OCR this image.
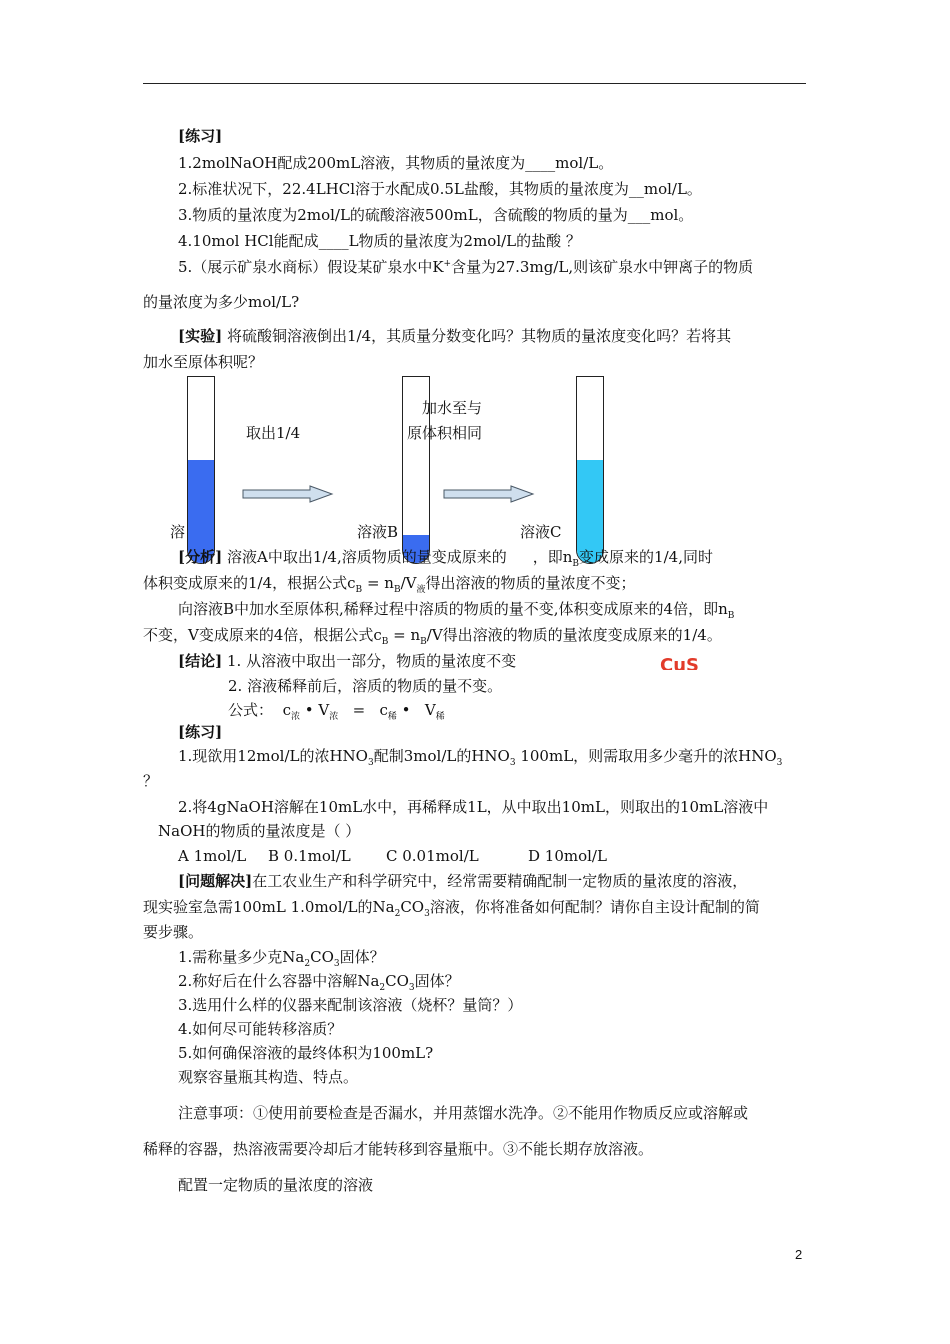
[练习]
1.2molNaOH配成200mL溶液，其物质的量浓度为____mol/L。
2.标准状况下，22.4LHCl溶于水配成0.5L盐酸，其物质的量浓度为__mol/L。
3.物质的量浓度为2mol/L的硫酸溶液500mL，含硫酸的物质的量为___mol。
4.10mol HCl能配成____L物质的量浓度为2mol/L的盐酸 ？
5.（展示矿泉水商标）假设某矿泉水中K+含量为27.3mg/L,则该矿泉水中钾离子的物质
的量浓度为多少mol/L?
[实验] 将硫酸铜溶液倒出1/4，其质量分数变化吗？其物质的量浓度变化吗？若将其
加水至原体积呢？
取出1/4
加水至与
原体积相同
溶	溶液B	溶液C
[分析] 溶液A中取出1/4,溶质物质的量变成原来的 ，即$n_B$变成原来的1/4,同时
体积变成原来的1/4，根据公式$c_B = n_B/V_液$得出溶液的物质的量浓度不变；
向溶液B中加水至原体积,稀释过程中溶质的物质的量不变,体积变成原来的4倍，即$n_B$
不变，V变成原来的4倍，根据公式$c_B = n_B/V$得出溶液的物质的量浓度变成原来的1/4。
[结论] 1. 从溶液中取出一部分，物质的量浓度不变	CuS
2. 溶液稀释前后，溶质的物质的量不变。
公式： $c_浓$ • $V_浓 = c_稀$ • $V_稀$
[练习]
1.现欲用12mol/L的浓$HNO_3$配制3mol/L的$HNO_3$ 100mL，则需取用多少毫升的浓$HNO_3$
？
2.将4gNaOH溶解在10mL水中，再稀释成1L，从中取出10mL，则取出的10mL溶液中
NaOH的物质的量浓度是（ ）
A 1mol/L B 0.1mol/L C 0.01mol/L	D 10mol/L
[问题解决]在工农业生产和科学研究中，经常需要精确配制一定物质的量浓度的溶液，
现实验室急需100mL 1.0mol/L的$Na_2CO_3$溶液，你将准备如何配制？请你自主设计配制的简
要步骤。
1.需称量多少克$Na_2CO_3$固体？
2.称好后在什么容器中溶解$Na_2CO_3$固体？
3.选用什么样的仪器来配制该溶液（烧杯？量筒？）
4.如何尽可能转移溶质？
5.如何确保溶液的最终体积为100mL?
观察容量瓶其构造、特点。
注意事项：①使用前要检查是否漏水，并用蒸馏水洗净。②不能用作物质反应或溶解或
稀释的容器，热溶液需要冷却后才能转移到容量瓶中。③不能长期存放溶液。
配置一定物质的量浓度的溶液
2
